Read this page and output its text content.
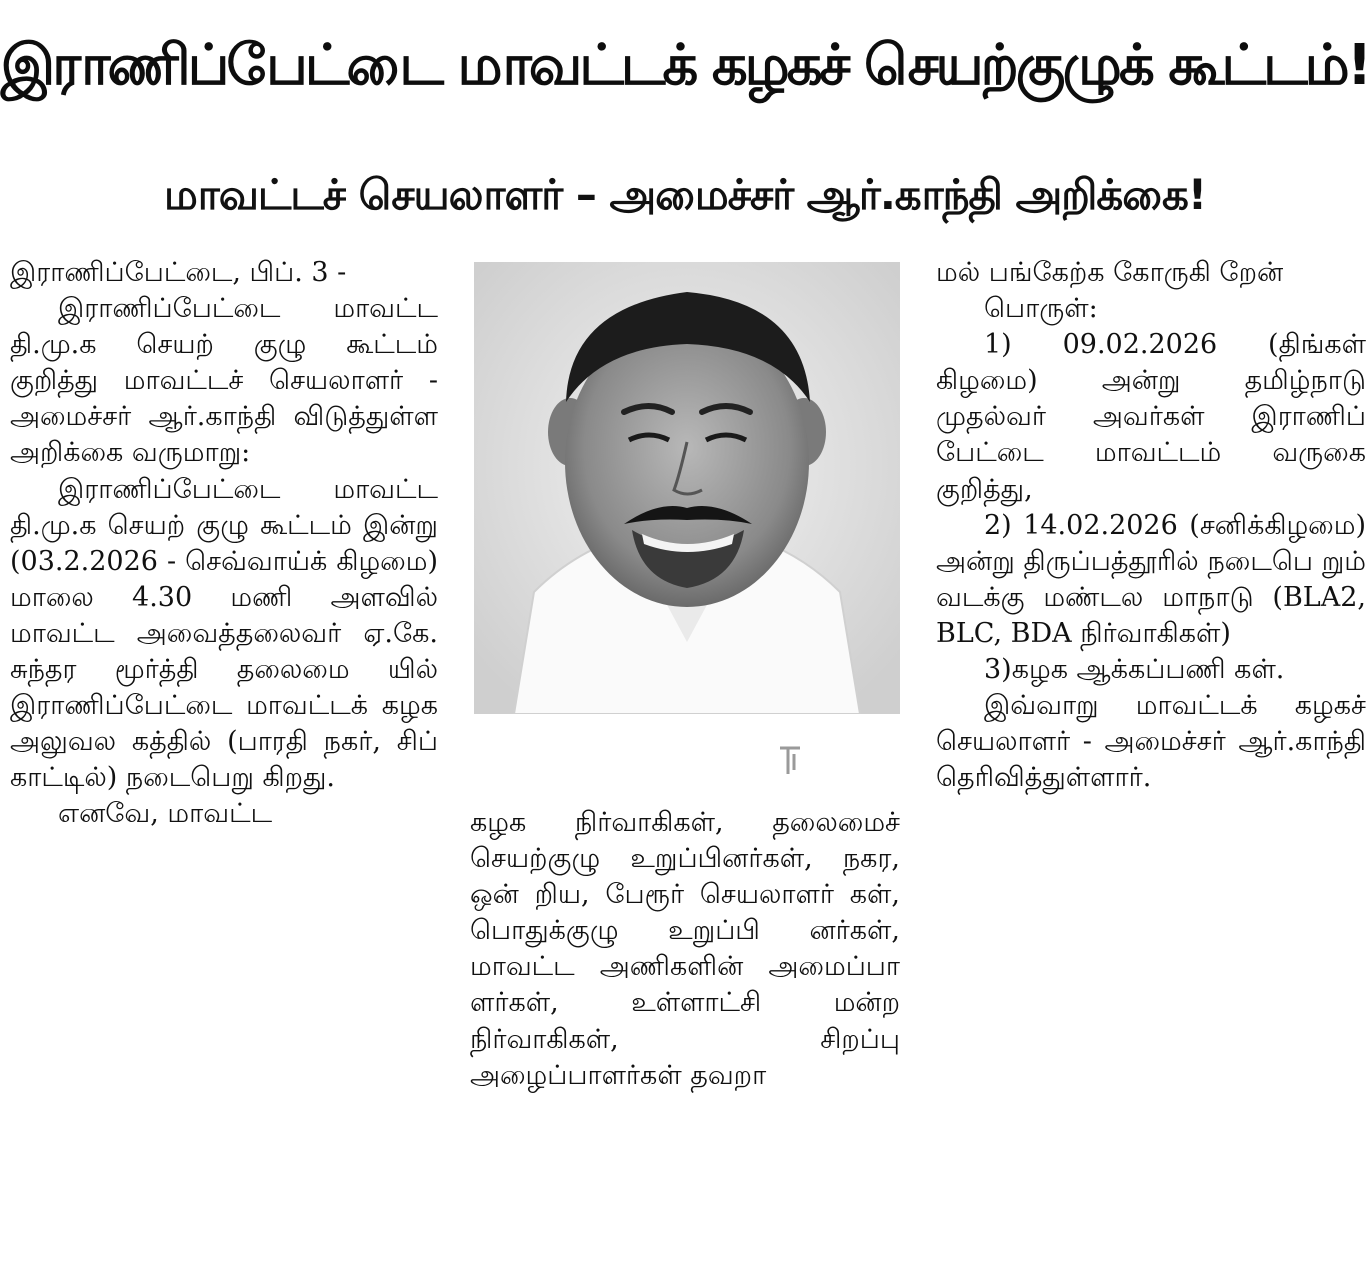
இராணிப்பேட்டை மாவட்டக் கழகச் செயற்குழுக் கூட்டம்!
மாவட்டச் செயலாளர் – அமைச்சர் ஆர்.காந்தி அறிக்கை!

இராணிப்பேட்டை, பிப். 3 -

இராணிப்பேட்டை மாவட்ட தி.மு.க செயற் குழு கூட்டம் குறித்து மாவட்டச் செயலாளர் - அமைச்சர் ஆர்.காந்தி விடுத்துள்ள அறிக்கை வருமாறு:

இராணிப்பேட்டை மாவட்ட தி.மு.க செயற் குழு கூட்டம் இன்று (03.2.2026 - செவ்வாய்க் கிழமை) மாலை 4.30 மணி அளவில் மாவட்ட அவைத்தலைவர் ஏ.கே. சுந்தர மூர்த்தி தலைமை யில் இராணிப்பேட்டை மாவட்டக் கழக அலுவல கத்தில் (பாரதி நகர், சிப் காட்டில்) நடைபெறு கிறது.

எனவே, மாவட்ட	கழக நிர்வாகிகள், தலைமைச் செயற்குழு உறுப்பினர்கள், நகர, ஒன் றிய, பேரூர் செயலாளர் கள், பொதுக்குழு உறுப்பி னர்கள், மாவட்ட அணிகளின் அமைப்பா ளர்கள், உள்ளாட்சி மன்ற நிர்வாகிகள், சிறப்பு அழைப்பாளர்கள் தவறா

மல் பங்கேற்க கோருகி றேன்

பொருள்:

1) 09.02.2026 (திங்கள் கிழமை) அன்று தமிழ்நாடு முதல்வர் அவர்கள் இராணிப் பேட்டை மாவட்டம் வருகை குறித்து,

2) 14.02.2026 (சனிக்கிழமை) அன்று திருப்பத்தூரில் நடைபெ றும் வடக்கு மண்டல மாநாடு (BLA2, BLC, BDA நிர்வாகிகள்)

3)கழக ஆக்கப்பணி கள்.

இவ்வாறு மாவட்டக் கழகச் செயலாளர் - அமைச்சர் ஆர்.காந்தி தெரிவித்துள்ளார்.
